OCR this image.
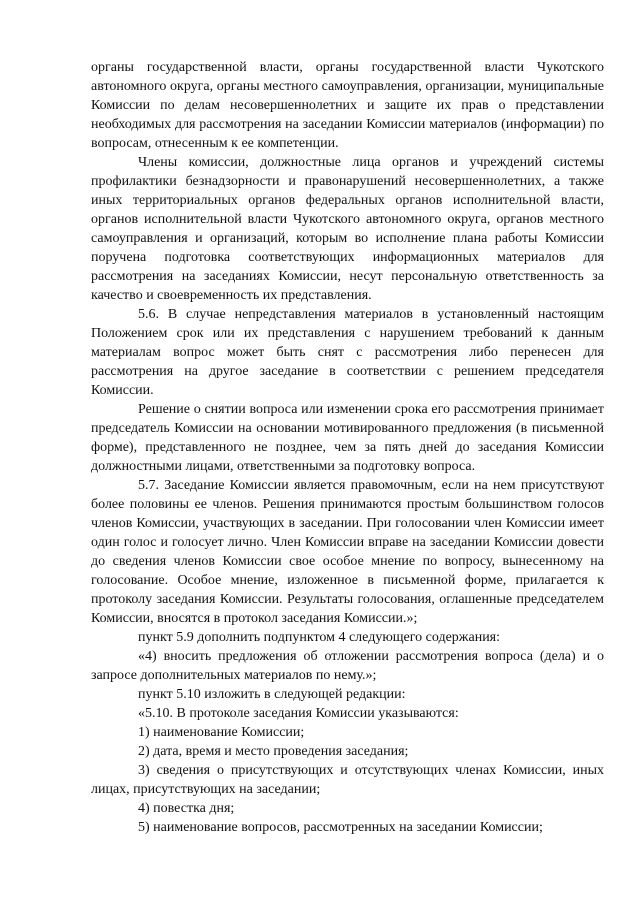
органы государственной власти, органы государственной власти Чукотского автономного округа, органы местного самоуправления, организации, муниципальные Комиссии по делам несовершеннолетних и защите их прав о представлении необходимых для рассмотрения на заседании Комиссии материалов (информации) по вопросам, отнесенным к ее компетенции.

Члены комиссии, должностные лица органов и учреждений системы профилактики безнадзорности и правонарушений несовершеннолетних, а также иных территориальных органов федеральных органов исполнительной власти, органов исполнительной власти Чукотского автономного округа, органов местного самоуправления и организаций, которым во исполнение плана работы Комиссии поручена подготовка соответствующих информационных материалов для рассмотрения на заседаниях Комиссии, несут персональную ответственность за качество и своевременность их представления.

5.6. В случае непредставления материалов в установленный настоящим Положением срок или их представления с нарушением требований к данным материалам вопрос может быть снят с рассмотрения либо перенесен для рассмотрения на другое заседание в соответствии с решением председателя Комиссии.

Решение о снятии вопроса или изменении срока его рассмотрения принимает председатель Комиссии на основании мотивированного предложения (в письменной форме), представленного не позднее, чем за пять дней до заседания Комиссии должностными лицами, ответственными за подготовку вопроса.

5.7. Заседание Комиссии является правомочным, если на нем присутствуют более половины ее членов. Решения принимаются простым большинством голосов членов Комиссии, участвующих в заседании. При голосовании член Комиссии имеет один голос и голосует лично. Член Комиссии вправе на заседании Комиссии довести до сведения членов Комиссии свое особое мнение по вопросу, вынесенному на голосование. Особое мнение, изложенное в письменной форме, прилагается к протоколу заседания Комиссии. Результаты голосования, оглашенные председателем Комиссии, вносятся в протокол заседания Комиссии.»;

пункт 5.9 дополнить подпунктом 4 следующего содержания:

«4) вносить предложения об отложении рассмотрения вопроса (дела) и о запросе дополнительных материалов по нему.»;

пункт 5.10 изложить в следующей редакции:

«5.10. В протоколе заседания Комиссии указываются:

1) наименование Комиссии;

2) дата, время и место проведения заседания;

3) сведения о присутствующих и отсутствующих членах Комиссии, иных лицах, присутствующих на заседании;

4) повестка дня;

5) наименование вопросов, рассмотренных на заседании Комиссии;
